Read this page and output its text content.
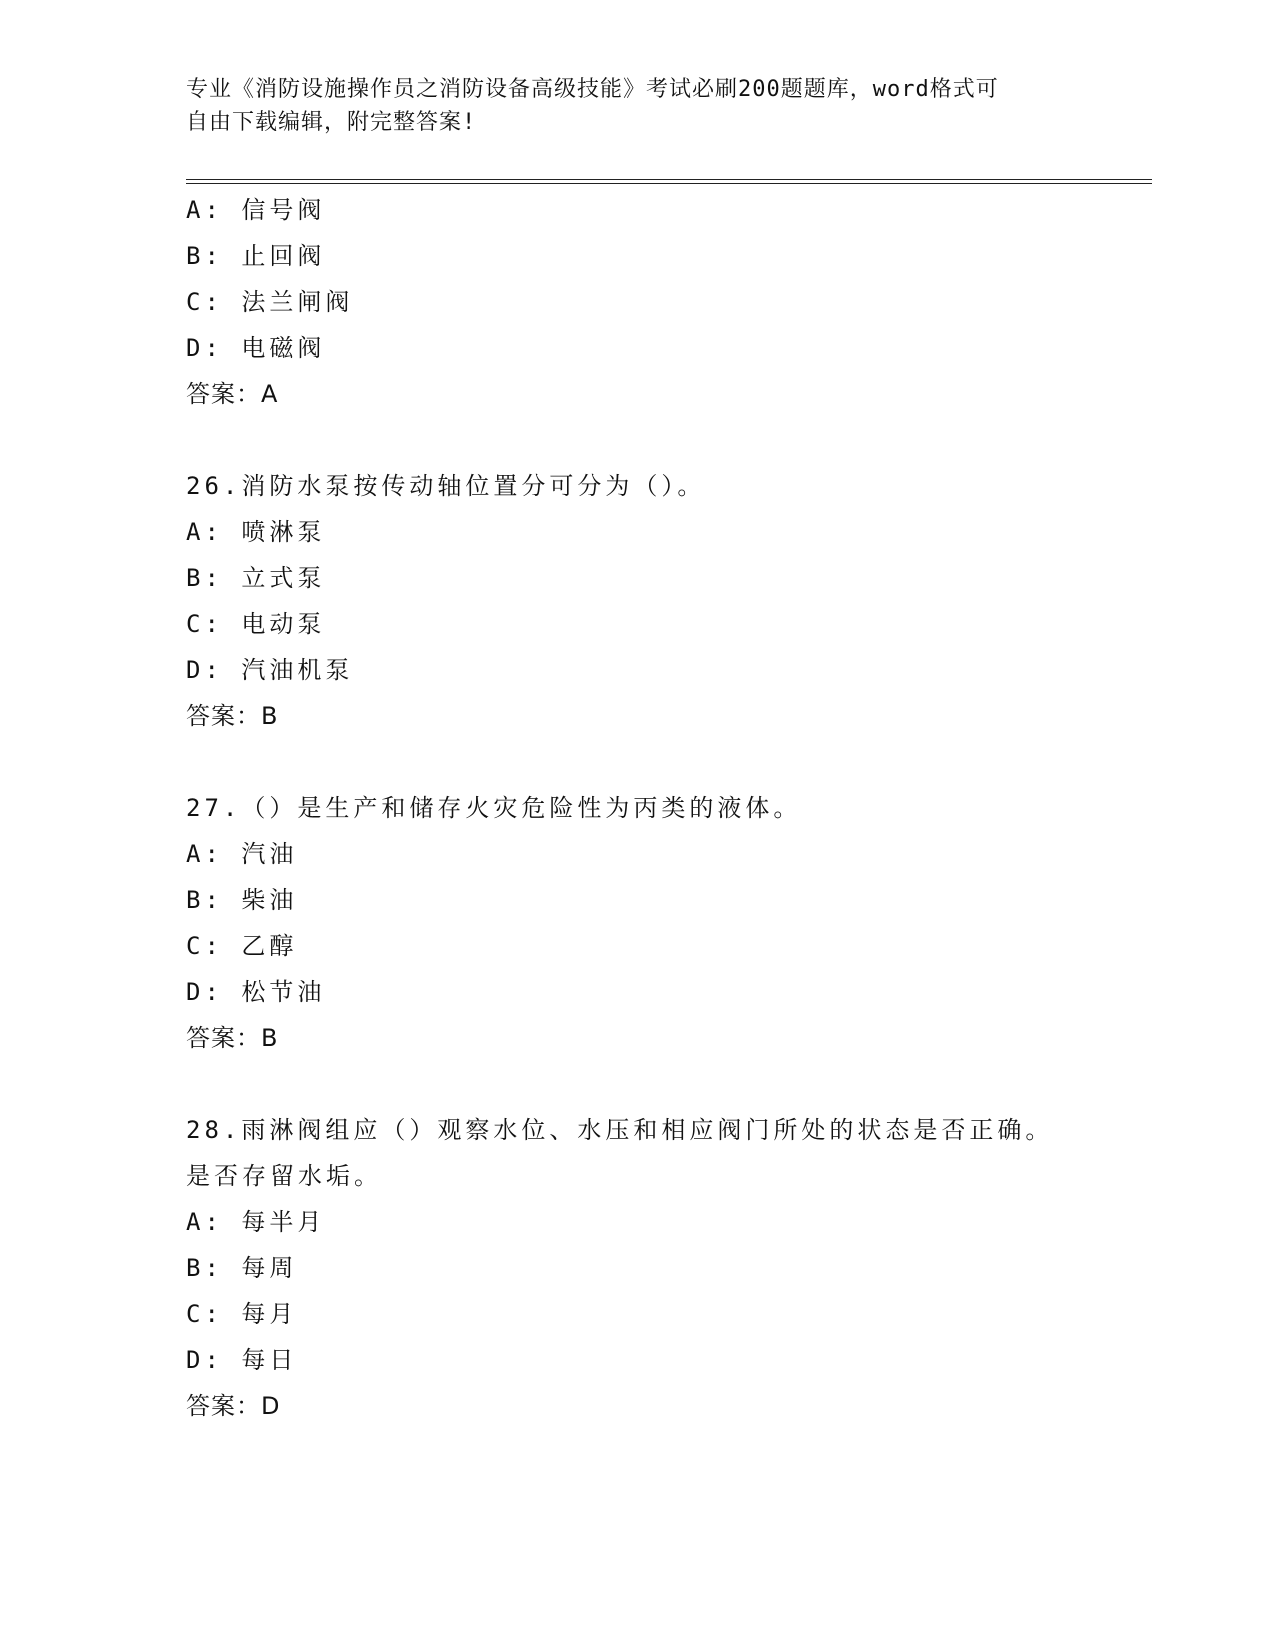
专业《消防设施操作员之消防设备高级技能》考试必刷200题题库，word格式可
自由下载编辑，附完整答案!
A: 信号阀
B: 止回阀
C: 法兰闸阀
D: 电磁阀
答案：A
26.消防水泵按传动轴位置分可分为（）。
A: 喷淋泵
B: 立式泵
C: 电动泵
D: 汽油机泵
答案：B
27.（）是生产和储存火灾危险性为丙类的液体。
A: 汽油
B: 柴油
C: 乙醇
D: 松节油
答案：B
28.雨淋阀组应（）观察水位、水压和相应阀门所处的状态是否正确。
是否存留水垢。
A: 每半月
B: 每周
C: 每月
D: 每日
答案：D
